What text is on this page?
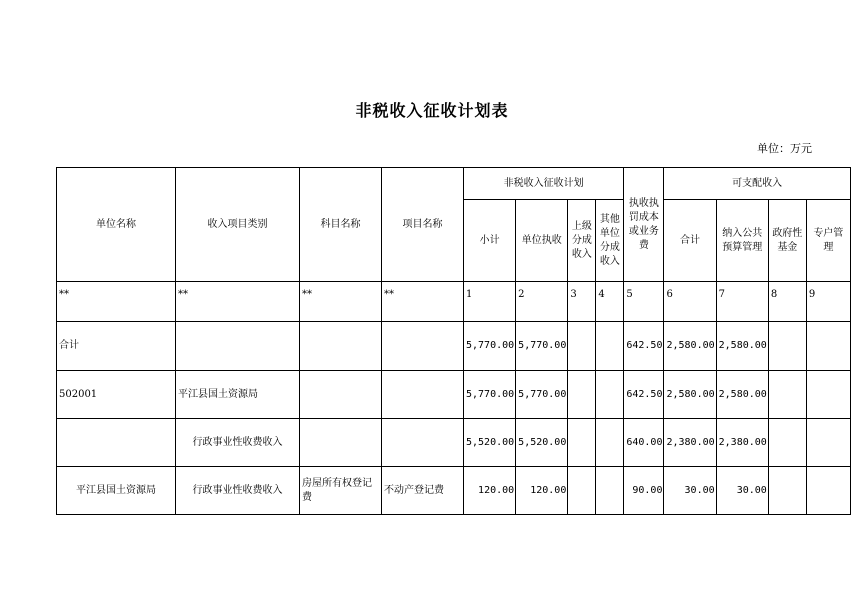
非税收入征收计划表
单位：万元
单位名称	收入项目类别	科目名称	项目名称	非税收入征收计划				执收执罚成本或业务费	可支配收入			
				小计	单位执收	上级分成收入	其他单位分成收入		合计	纳入公共预算管理	政府性基金	专户管理
**	**	**	**	1	2	3	4	5	6	7	8	9
合计				5,770.00	5,770.00			642.50	2,580.00	2,580.00		
502001	平江县国土资源局			5,770.00	5,770.00			642.50	2,580.00	2,580.00		
	行政事业性收费收入			5,520.00	5,520.00			640.00	2,380.00	2,380.00		
平江县国土资源局	行政事业性收费收入	房屋所有权登记费	不动产登记费	120.00	120.00			90.00	30.00	30.00		
